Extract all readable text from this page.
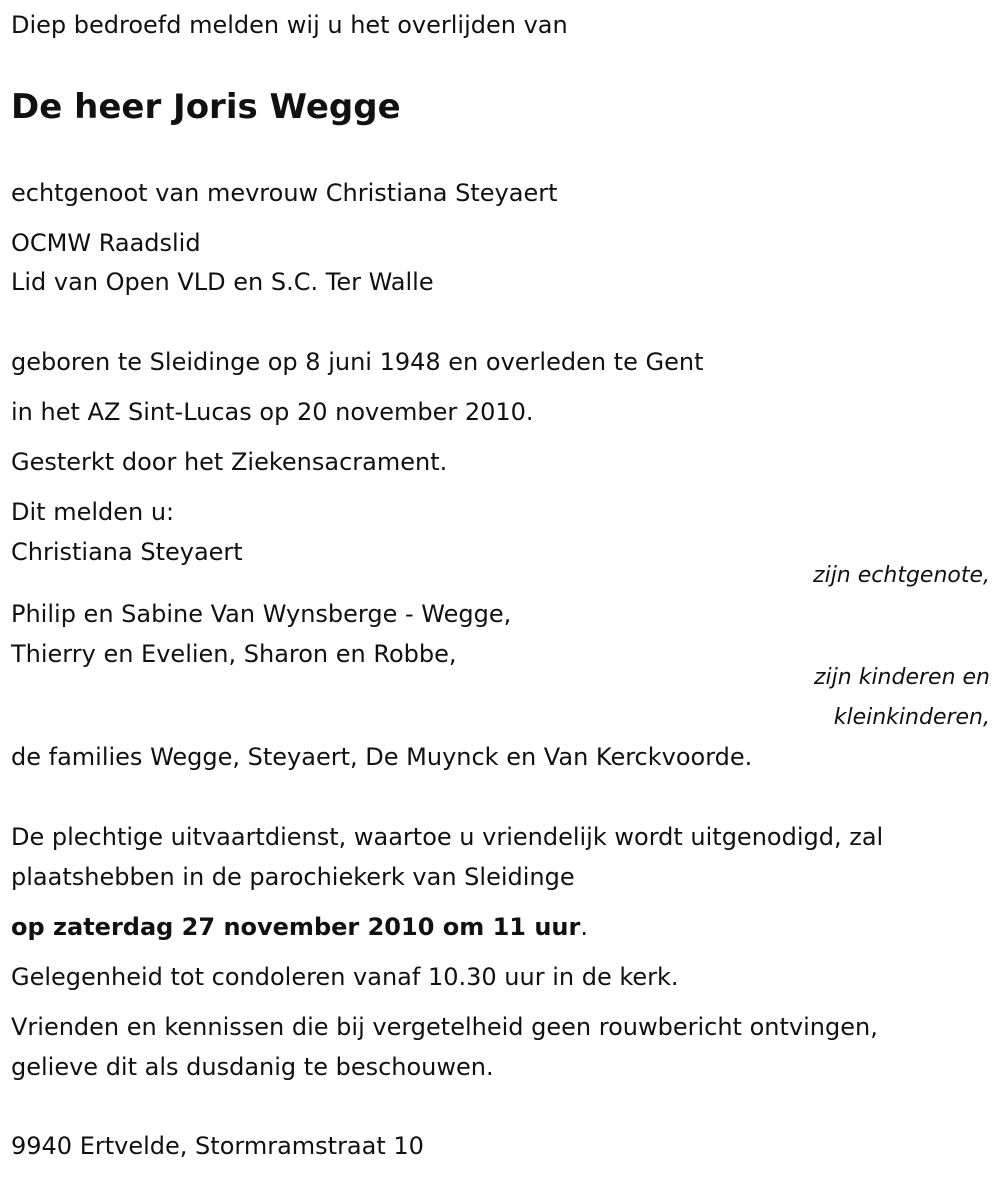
Diep bedroefd melden wij u het overlijden van
De heer Joris Wegge
echtgenoot van mevrouw Christiana Steyaert
OCMW Raadslid
Lid van Open VLD en S.C. Ter Walle
geboren te Sleidinge op 8 juni 1948 en overleden te Gent
in het AZ Sint-Lucas op 20 november 2010.
Gesterkt door het Ziekensacrament.
Dit melden u:
Christiana Steyaert
zijn echtgenote,
Philip en Sabine Van Wynsberge - Wegge,
Thierry en Evelien, Sharon en Robbe,
zijn kinderen en
kleinkinderen,
de families Wegge, Steyaert, De Muynck en Van Kerckvoorde.
De plechtige uitvaartdienst, waartoe u vriendelijk wordt uitgenodigd, zal
plaatshebben in de parochiekerk van Sleidinge
op zaterdag 27 november 2010 om 11 uur.
Gelegenheid tot condoleren vanaf 10.30 uur in de kerk.
Vrienden en kennissen die bij vergetelheid geen rouwbericht ontvingen,
gelieve dit als dusdanig te beschouwen.
9940 Ertvelde, Stormramstraat 10
